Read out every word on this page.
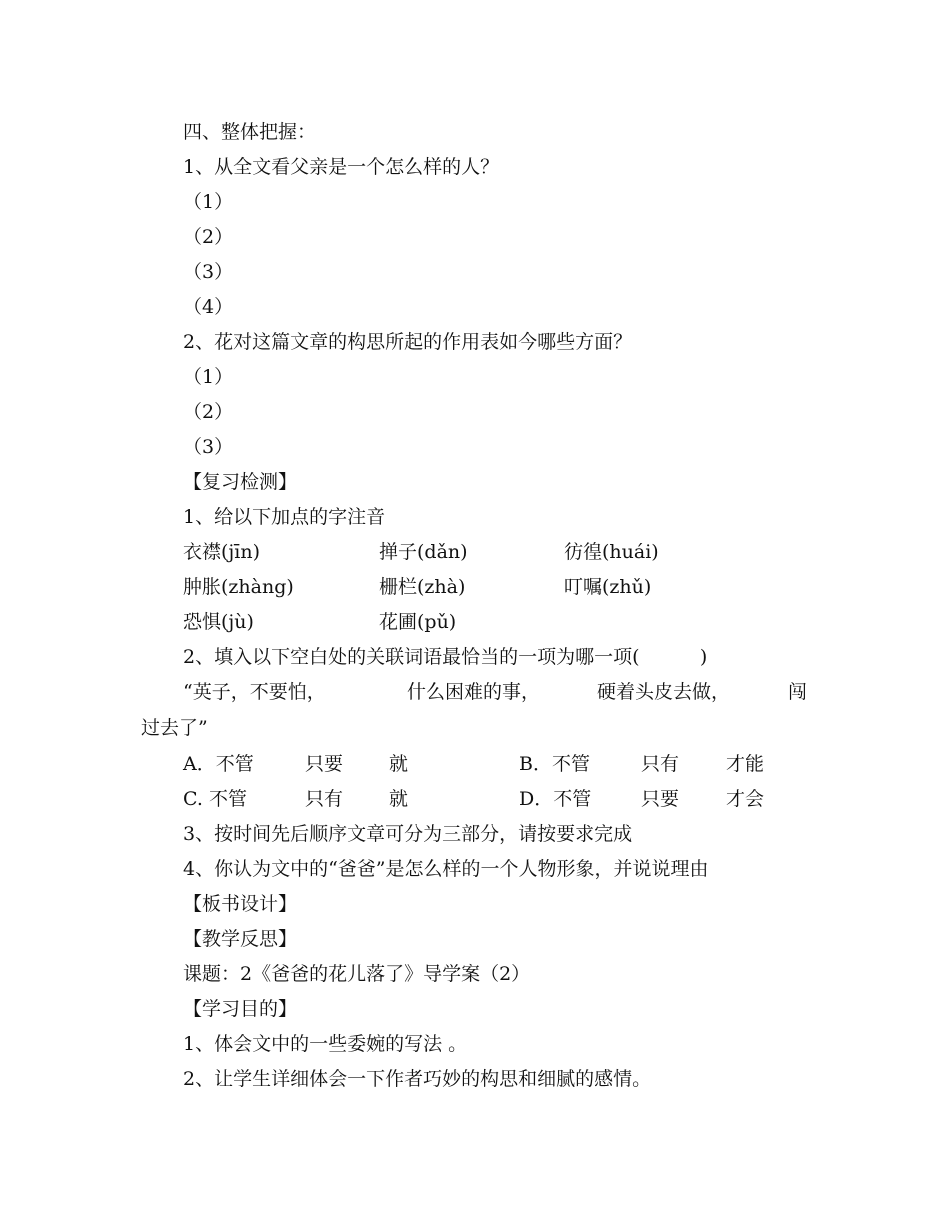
四、整体把握：
1、从全文看父亲是一个怎么样的人？
（1）
（2）
（3）
（4）
2、花对这篇文章的构思所起的作用表如今哪些方面？
（1）
（2）
（3）
【复习检测】
1、给以下加点的字注音
衣襟(jīn)	掸子(dǎn)	彷徨(huái)
肿胀(zhàng)	栅栏(zhà)	叮嘱(zhǔ)
恐惧(jù)	花圃(pǔ)
2、填入以下空白处的关联词语最恰当的一项为哪一项(          )
“英子，不要怕，	什么困难的事，	硬着头皮去做，	闯
过去了”
A．不管	只要 就	B．不管	只有 才能
C. 不管	只有 就	D．不管	只要 才会
3、按时间先后顺序文章可分为三部分，请按要求完成
4、你认为文中的“爸爸”是怎么样的一个人物形象，并说说理由
【板书设计】
【教学反思】
课题：2《爸爸的花儿落了》导学案（2）
【学习目的】
1、体会文中的一些委婉的写法 。
2、让学生详细体会一下作者巧妙的构思和细腻的感情。
